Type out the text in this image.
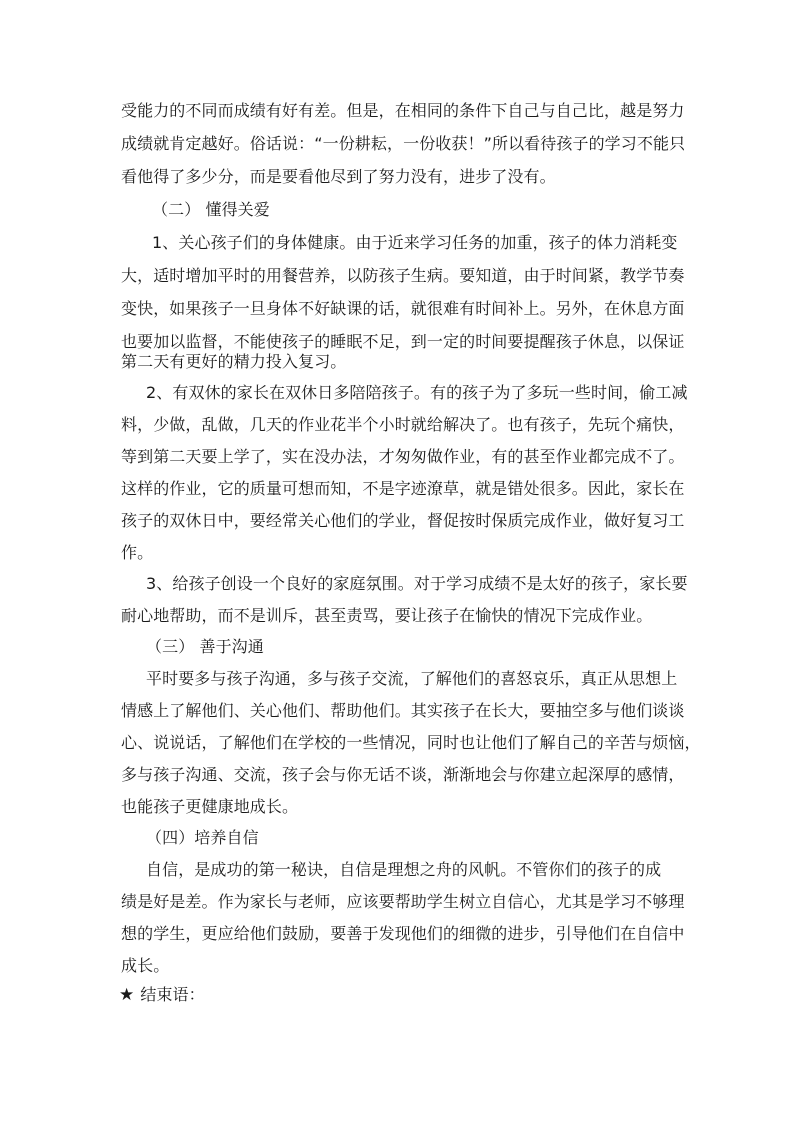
受能力的不同而成绩有好有差。但是，在相同的条件下自己与自己比，越是努力

成绩就肯定越好。俗话说：“一份耕耘，一份收获！”所以看待孩子的学习不能只

看他得了多少分，而是要看他尽到了努力没有，进步了没有。

（二） 懂得关爱

1、关心孩子们的身体健康。由于近来学习任务的加重，孩子的体力消耗变

大，适时增加平时的用餐营养，以防孩子生病。要知道，由于时间紧，教学节奏

变快，如果孩子一旦身体不好缺课的话，就很难有时间补上。另外，在休息方面

也要加以监督，不能使孩子的睡眠不足，到一定的时间要提醒孩子休息，以保证

第二天有更好的精力投入复习。

2、有双休的家长在双休日多陪陪孩子。有的孩子为了多玩一些时间，偷工减

料，少做，乱做，几天的作业花半个小时就给解决了。也有孩子，先玩个痛快，

等到第二天要上学了，实在没办法，才匆匆做作业，有的甚至作业都完成不了。

这样的作业，它的质量可想而知，不是字迹潦草，就是错处很多。因此，家长在

孩子的双休日中，要经常关心他们的学业，督促按时保质完成作业，做好复习工

作。

3、给孩子创设一个良好的家庭氛围。对于学习成绩不是太好的孩子，家长要

耐心地帮助，而不是训斥，甚至责骂，要让孩子在愉快的情况下完成作业。

（三） 善于沟通

平时要多与孩子沟通，多与孩子交流，了解他们的喜怒哀乐，真正从思想上

情感上了解他们、关心他们、帮助他们。其实孩子在长大，要抽空多与他们谈谈

心、说说话，了解他们在学校的一些情况，同时也让他们了解自己的辛苦与烦恼，

多与孩子沟通、交流，孩子会与你无话不谈，渐渐地会与你建立起深厚的感情，

也能孩子更健康地成长。

（四）培养自信

自信，是成功的第一秘诀，自信是理想之舟的风帆。不管你们的孩子的成

绩是好是差。作为家长与老师，应该要帮助学生树立自信心，尤其是学习不够理

想的学生，更应给他们鼓励，要善于发现他们的细微的进步，引导他们在自信中

成长。

★ 结束语：
